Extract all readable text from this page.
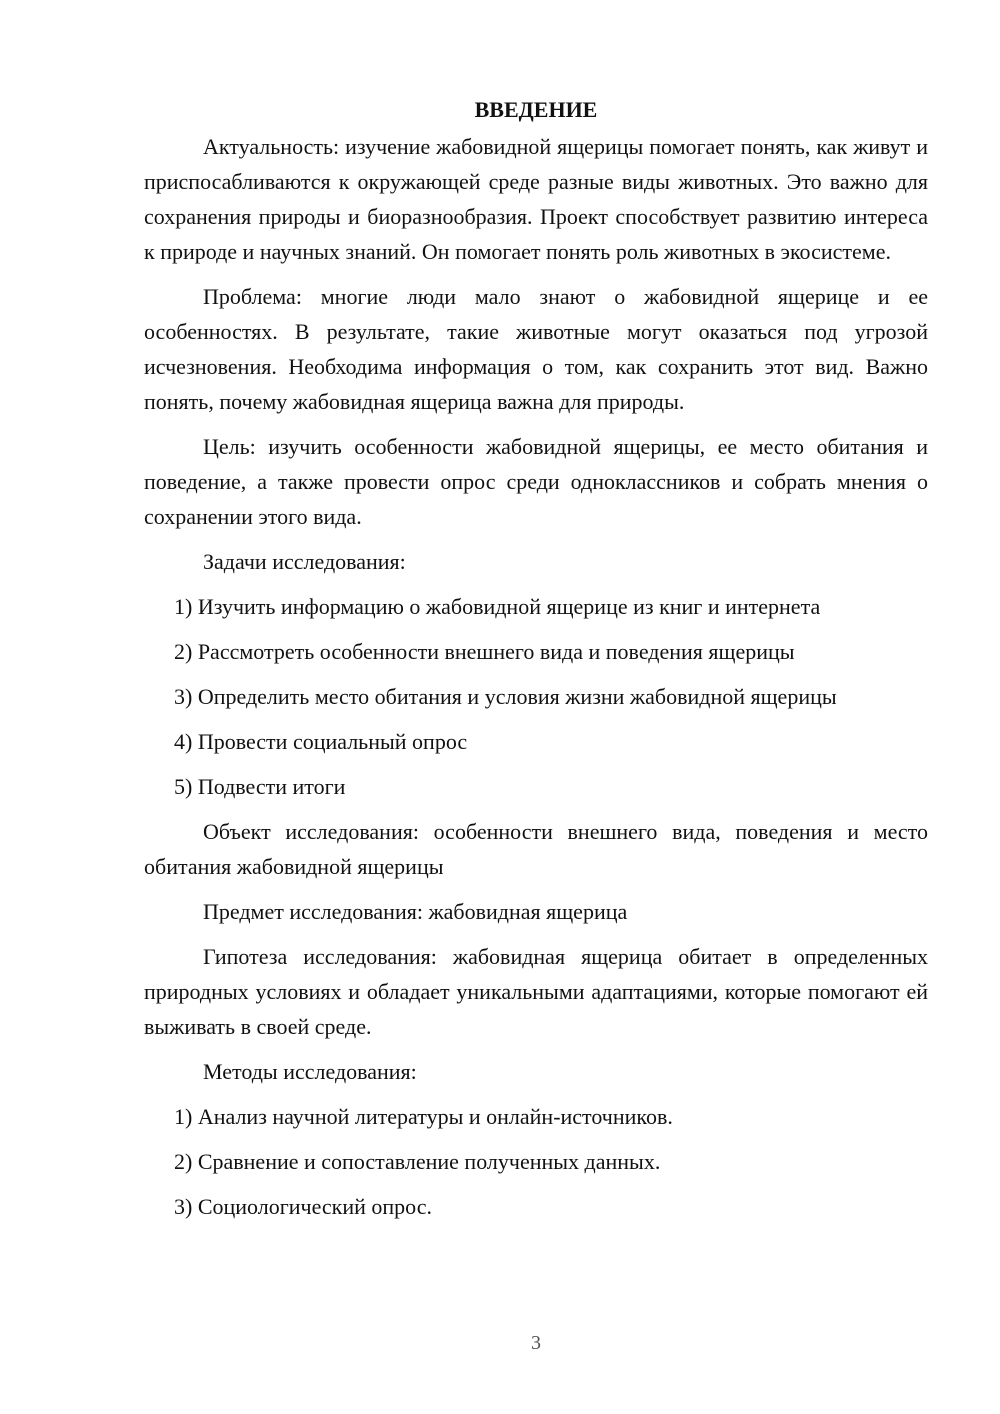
ВВЕДЕНИЕ

Актуальность: изучение жабовидной ящерицы помогает понять, как живут и приспосабливаются к окружающей среде разные виды животных. Это важно для сохранения природы и биоразнообразия. Проект способствует развитию интереса к природе и научных знаний. Он помогает понять роль животных в экосистеме.

Проблема: многие люди мало знают о жабовидной ящерице и ее особенностях. В результате, такие животные могут оказаться под угрозой исчезновения. Необходима информация о том, как сохранить этот вид. Важно понять, почему жабовидная ящерица важна для природы.

Цель: изучить особенности жабовидной ящерицы, ее место обитания и поведение, а также провести опрос среди одноклассников и собрать мнения о сохранении этого вида.

Задачи исследования:

1) Изучить информацию о жабовидной ящерице из книг и интернета

2) Рассмотреть особенности внешнего вида и поведения ящерицы

3) Определить место обитания и условия жизни жабовидной ящерицы

4) Провести социальный опрос

5) Подвести итоги

Объект исследования: особенности внешнего вида, поведения и место обитания жабовидной ящерицы

Предмет исследования: жабовидная ящерица

Гипотеза исследования: жабовидная ящерица обитает в определенных природных условиях и обладает уникальными адаптациями, которые помогают ей выживать в своей среде.

Методы исследования:

1) Анализ научной литературы и онлайн-источников.

2) Сравнение и сопоставление полученных данных.

3) Социологический опрос.

3
